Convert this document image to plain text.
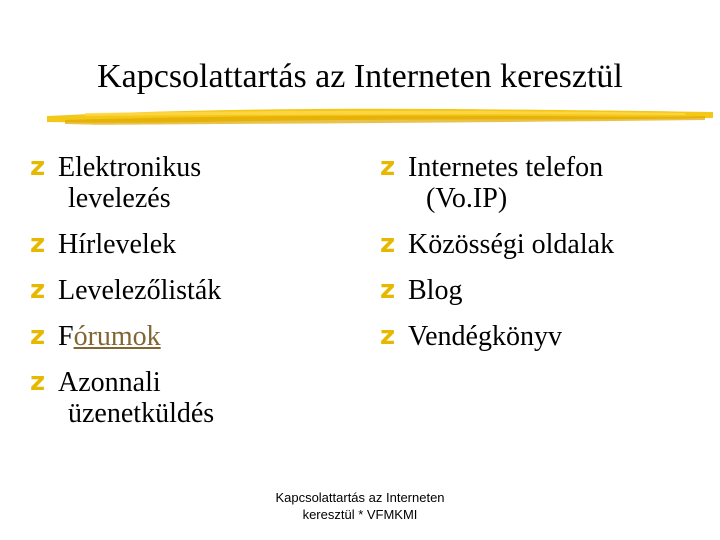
Kapcsolattartás az Interneten keresztül
z Elektronikus
levelezés
z Hírlevelek
z Levelezőlisták
z Fórumok
z Azonnali
üzenetküldés
z Internetes telefon
(Vo.IP)
z Közösségi oldalak
z Blog
z Vendégkönyv
Kapcsolattartás az Interneten
keresztül * VFMKMI
